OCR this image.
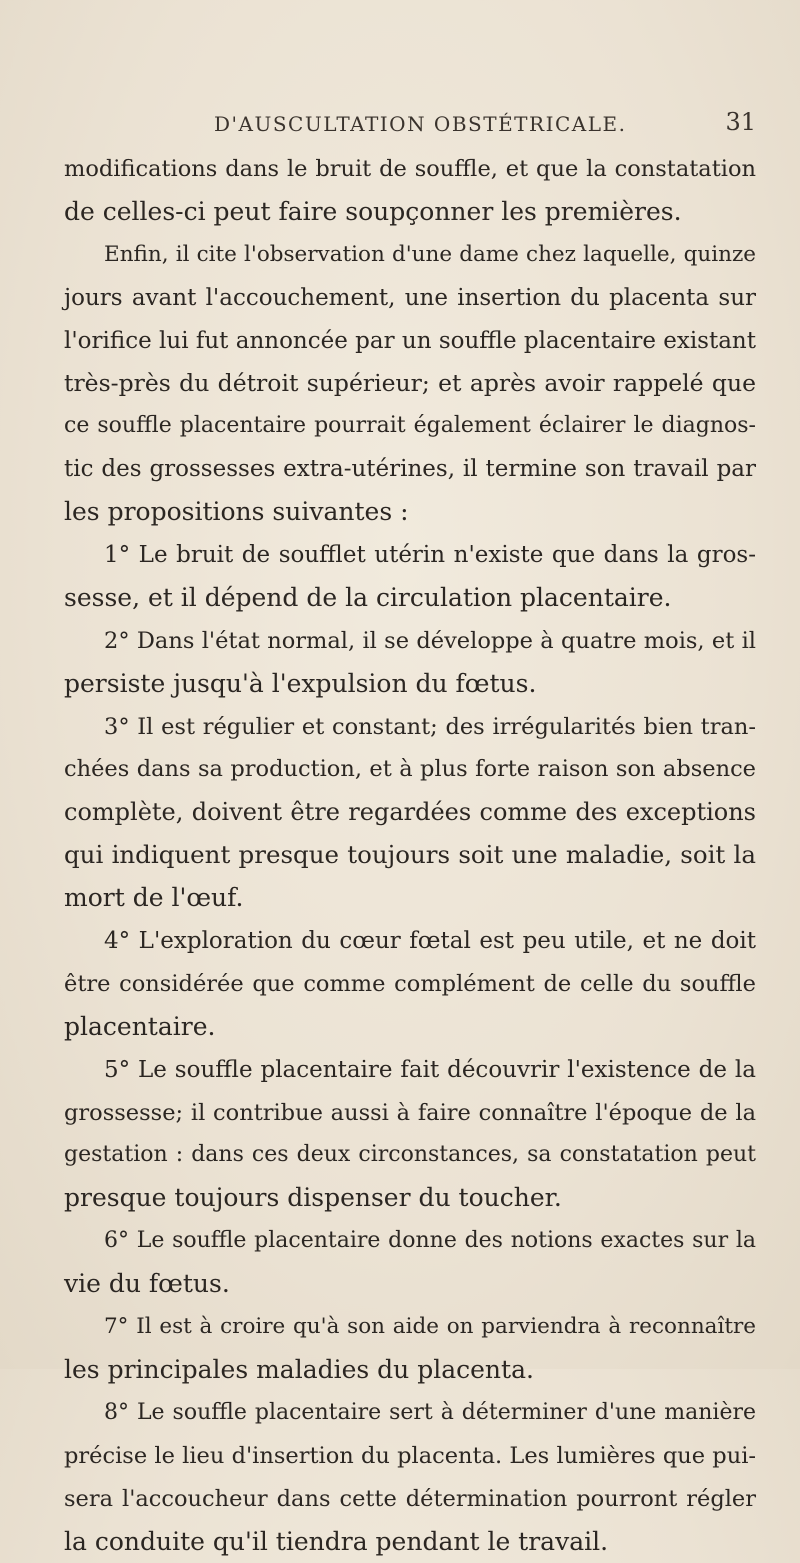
D'AUSCULTATION OBSTÉTRICALE.	31
modifications dans le bruit de souffle, et que la constatation
de celles-ci peut faire soupçonner les premières.
Enfin, il cite l'observation d'une dame chez laquelle, quinze
jours avant l'accouchement, une insertion du placenta sur
l'orifice lui fut annoncée par un souffle placentaire existant
très-près du détroit supérieur; et après avoir rappelé que
ce souffle placentaire pourrait également éclairer le diagnos-
tic des grossesses extra-utérines, il termine son travail par
les propositions suivantes :
1° Le bruit de soufflet utérin n'existe que dans la gros-
sesse, et il dépend de la circulation placentaire.
2° Dans l'état normal, il se développe à quatre mois, et il
persiste jusqu'à l'expulsion du fœtus.
3° Il est régulier et constant; des irrégularités bien tran-
chées dans sa production, et à plus forte raison son absence
complète, doivent être regardées comme des exceptions
qui indiquent presque toujours soit une maladie, soit la
mort de l'œuf.
4° L'exploration du cœur fœtal est peu utile, et ne doit
être considérée que comme complément de celle du souffle
placentaire.
5° Le souffle placentaire fait découvrir l'existence de la
grossesse; il contribue aussi à faire connaître l'époque de la
gestation : dans ces deux circonstances, sa constatation peut
presque toujours dispenser du toucher.
6° Le souffle placentaire donne des notions exactes sur la
vie du fœtus.
7° Il est à croire qu'à son aide on parviendra à reconnaître
les principales maladies du placenta.
8° Le souffle placentaire sert à déterminer d'une manière
précise le lieu d'insertion du placenta. Les lumières que pui-
sera l'accoucheur dans cette détermination pourront régler
la conduite qu'il tiendra pendant le travail.
